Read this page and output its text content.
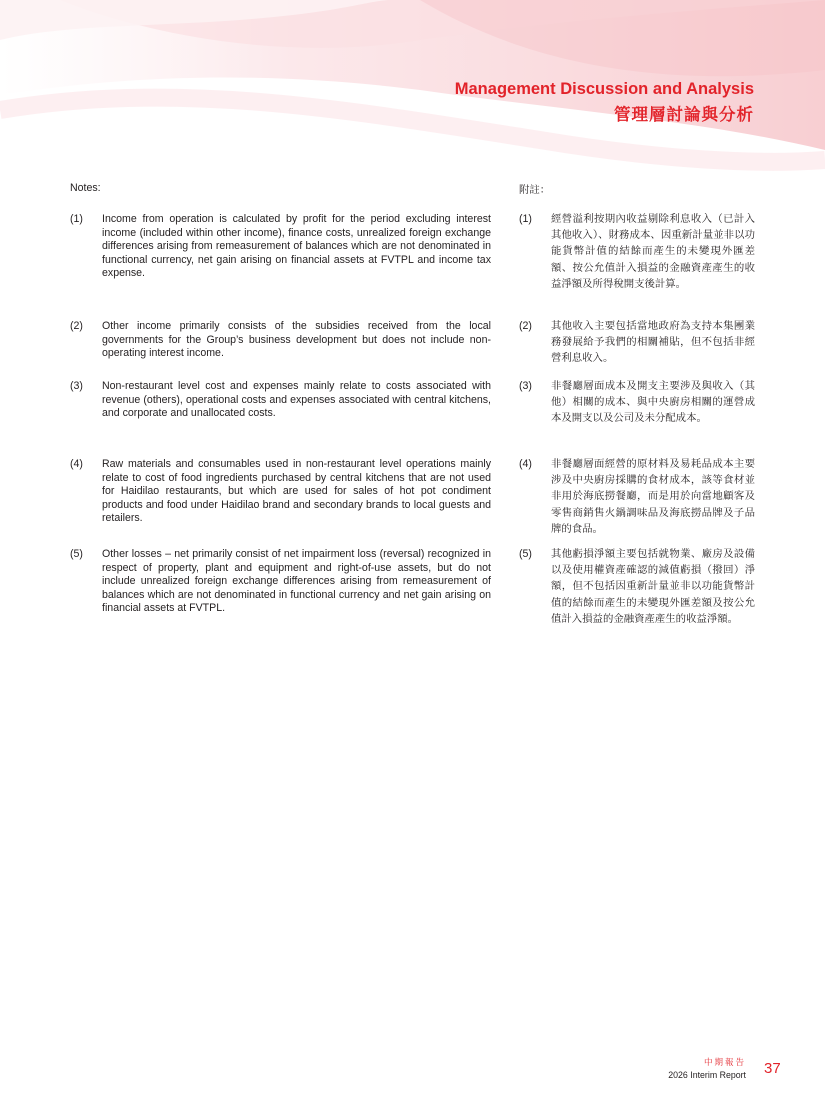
Management Discussion and Analysis
管理層討論與分析
Notes:	附註：
(1)	Income from operation is calculated by profit for the period excluding interest income (included within other income), finance costs, unrealized foreign exchange differences arising from remeasurement of balances which are not denominated in functional currency, net gain arising on financial assets at FVTPL and income tax expense.
(2)	Other income primarily consists of the subsidies received from the local governments for the Group’s business development but does not include non-operating interest income.
(3)	Non-restaurant level cost and expenses mainly relate to costs associated with revenue (others), operational costs and expenses associated with central kitchens, and corporate and unallocated costs.
(4)	Raw materials and consumables used in non-restaurant level operations mainly relate to cost of food ingredients purchased by central kitchens that are not used for Haidilao restaurants, but which are used for sales of hot pot condiment products and food under Haidilao brand and secondary brands to local guests and retailers.
(5)	Other losses – net primarily consist of net impairment loss (reversal) recognized in respect of property, plant and equipment and right-of-use assets, but do not include unrealized foreign exchange differences arising from remeasurement of balances which are not denominated in functional currency and net gain arising on financial assets at FVTPL.
(1)	經營溢利按期內收益剔除利息收入（已計入其他收入）、財務成本、因重新計量並非以功能貨幣計值的結餘而產生的未變現外匯差額、按公允值計入損益的金融資產產生的收益淨額及所得稅開支後計算。
(2)	其他收入主要包括當地政府為支持本集團業務發展給予我們的相關補貼，但不包括非經營利息收入。
(3)	非餐廳層面成本及開支主要涉及與收入（其他）相關的成本、與中央廚房相關的運營成本及開支以及公司及未分配成本。
(4)	非餐廳層面經營的原材料及易耗品成本主要涉及中央廚房採購的食材成本，該等食材並非用於海底撈餐廳，而是用於向當地顧客及零售商銷售火鍋調味品及海底撈品牌及子品牌的食品。
(5)	其他虧損淨額主要包括就物業、廠房及設備以及使用權資產確認的減值虧損（撥回）淨額，但不包括因重新計量並非以功能貨幣計值的結餘而產生的未變現外匯差額及按公允值計入損益的金融資產產生的收益淨額。
中期報告
2026 Interim Report 37
